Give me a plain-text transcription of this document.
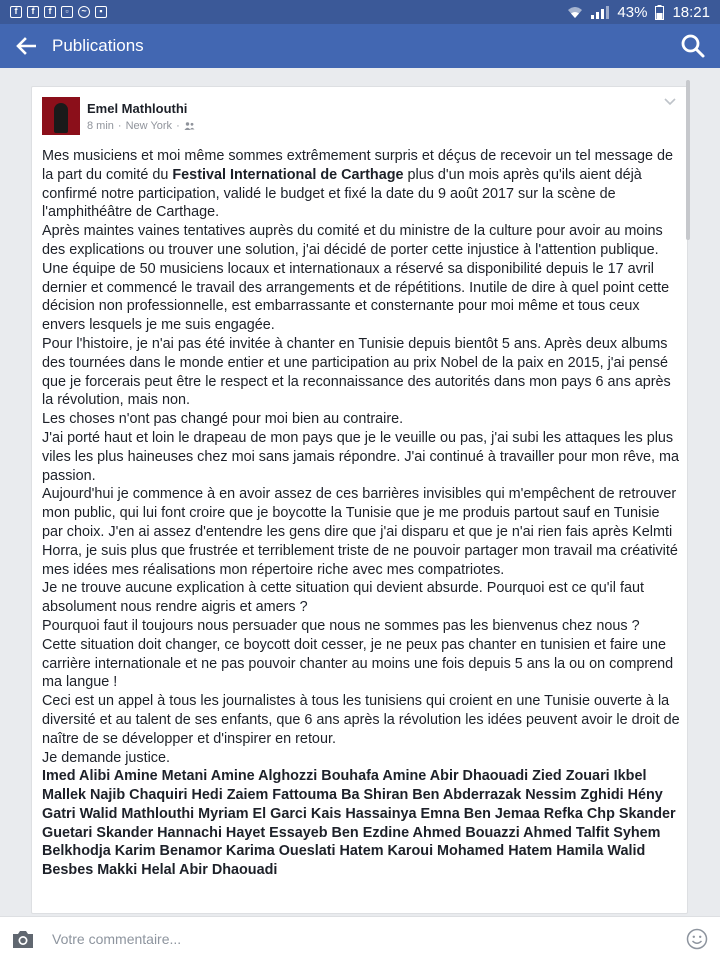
f	f	f	▫	~	▪	43% 18:21
Publications
Emel Mathlouthi
8 min · New York ·

Mes musiciens et moi même sommes extrêmement surpris et déçus de recevoir un tel message de la part du comité du Festival International de Carthage plus d'un mois après qu'ils aient déjà confirmé notre participation, validé le budget et fixé la date du 9 août 2017 sur la scène de l'amphithéâtre de Carthage.

Après maintes vaines tentatives auprès du comité et du ministre de la culture pour avoir au moins des explications ou trouver une solution, j'ai décidé de porter cette injustice à l'attention publique.

Une équipe de 50 musiciens locaux et internationaux a réservé sa disponibilité depuis le 17 avril dernier et commencé le travail des arrangements et de répétitions. Inutile de dire à quel point cette décision non professionnelle, est embarrassante et consternante pour moi même et tous ceux envers lesquels je me suis engagée.

Pour l'histoire, je n'ai pas été invitée à chanter en Tunisie depuis bientôt 5 ans. Après deux albums des tournées dans le monde entier et une participation au prix Nobel de la paix en 2015, j'ai pensé que je forcerais peut être le respect et la reconnaissance des autorités dans mon pays 6 ans après la révolution, mais non.

Les choses n'ont pas changé pour moi bien au contraire.

J'ai porté haut et loin le drapeau de mon pays que je le veuille ou pas, j'ai subi les attaques les plus viles les plus haineuses chez moi sans jamais répondre. J'ai continué à travailler pour mon rêve, ma passion.

Aujourd'hui je commence à en avoir assez de ces barrières invisibles qui m'empêchent de retrouver mon public, qui lui font croire que je boycotte la Tunisie que je me produis partout sauf en Tunisie par choix. J'en ai assez d'entendre les gens dire que j'ai disparu et que je n'ai rien fais après Kelmti Horra, je suis plus que frustrée et terriblement triste de ne pouvoir partager mon travail ma créativité mes idées mes réalisations mon répertoire riche avec mes compatriotes.

Je ne trouve aucune explication à cette situation qui devient absurde. Pourquoi est ce qu'il faut absolument nous rendre aigris et amers ?

Pourquoi faut il toujours nous persuader que nous ne sommes pas les bienvenus chez nous ?

Cette situation doit changer, ce boycott doit cesser, je ne peux pas chanter en tunisien et faire une carrière internationale et ne pas pouvoir chanter au moins une fois depuis 5 ans la ou on comprend ma langue !

Ceci est un appel à tous les journalistes à tous les tunisiens qui croient en une Tunisie ouverte à la diversité et au talent de ses enfants, que 6 ans après la révolution les idées peuvent avoir le droit de naître de se développer et d'inspirer en retour.

Je demande justice.

Imed Alibi Amine Metani Amine Alghozzi Bouhafa Amine Abir Dhaouadi Zied Zouari Ikbel Mallek Najib Chaquiri Hedi Zaiem Fattouma Ba Shiran Ben Abderrazak Nessim Zghidi Hény Gatri Walid Mathlouthi Myriam El Garci Kais Hassainya Emna Ben Jemaa Refka Chp Skander Guetari Skander Hannachi Hayet Essayeb Ben Ezdine Ahmed Bouazzi Ahmed Talfit Syhem Belkhodja Karim Benamor Karima Oueslati Hatem Karoui Mohamed Hatem Hamila Walid Besbes Makki Helal Abir Dhaouadi

Votre commentaire...
